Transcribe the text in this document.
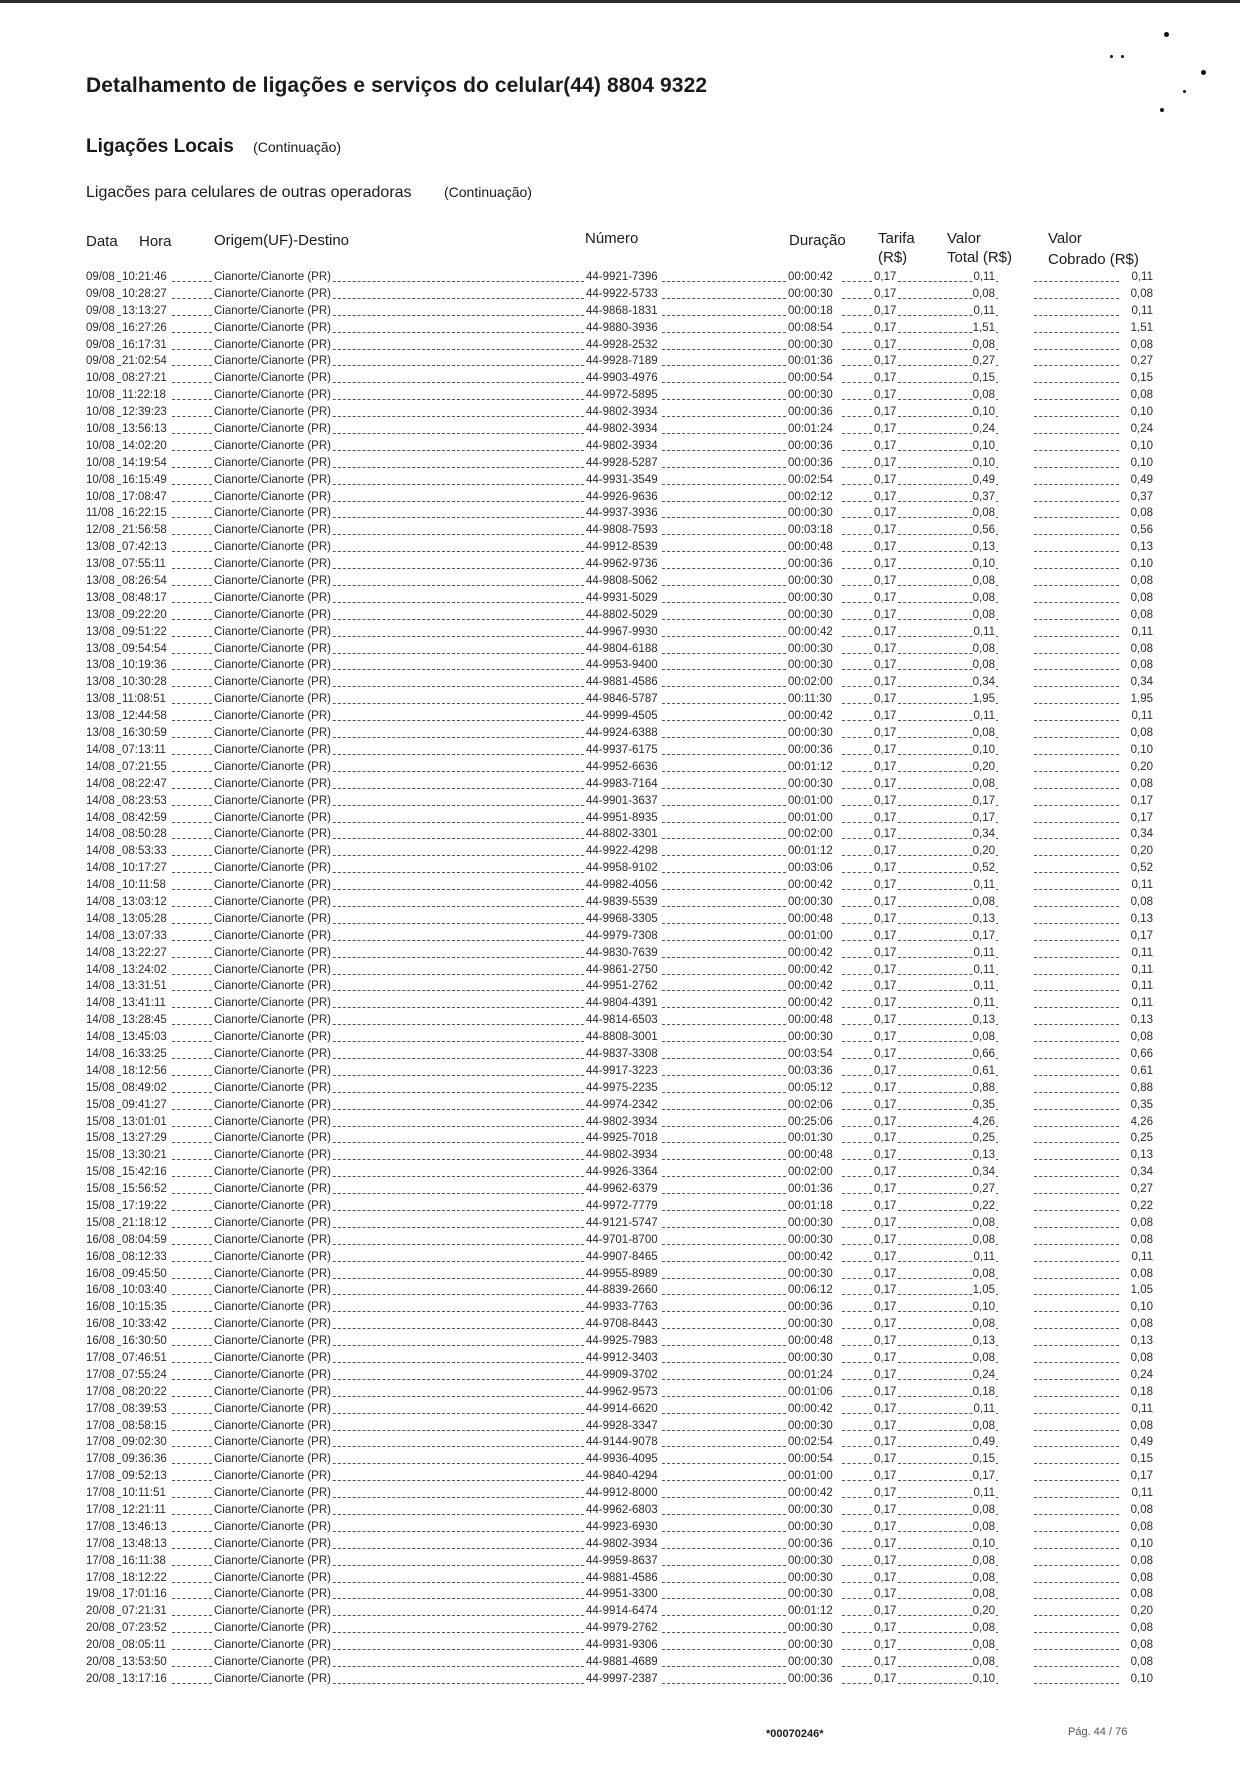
Detalhamento de ligações e serviços do celular(44) 8804 9322
Ligações Locais (Continuação)
Ligacões para celulares de outras operadoras (Continuação)
Data Hora	Origem(UF)-Destino	Número	Duração Tarifa
(R$)
Valor
Total (R$)
Valor
Cobrado (R$)
09/08 10:21:46	Cianorte/Cianorte (PR)	44-9921-7396	00:00:42	0,17	0,11	0,11
09/08 10:28:27	Cianorte/Cianorte (PR)	44-9922-5733	00:00:30	0,17	0,08	0,08
09/08 13:13:27	Cianorte/Cianorte (PR)	44-9868-1831	00:00:18	0,17	0,11	0,11
09/08 16:27:26	Cianorte/Cianorte (PR)	44-9880-3936	00:08:54	0,17	1,51	1,51
09/08 16:17:31	Cianorte/Cianorte (PR)	44-9928-2532	00:00:30	0,17	0,08	0,08
09/08 21:02:54	Cianorte/Cianorte (PR)	44-9928-7189	00:01:36	0,17	0,27	0,27
10/08 08:27:21	Cianorte/Cianorte (PR)	44-9903-4976	00:00:54	0,17	0,15	0,15
10/08 11:22:18	Cianorte/Cianorte (PR)	44-9972-5895	00:00:30	0,17	0,08	0,08
10/08 12:39:23	Cianorte/Cianorte (PR)	44-9802-3934	00:00:36	0,17	0,10	0,10
10/08 13:56:13	Cianorte/Cianorte (PR)	44-9802-3934	00:01:24	0,17	0,24	0,24
10/08 14:02:20	Cianorte/Cianorte (PR)	44-9802-3934	00:00:36	0,17	0,10	0,10
10/08 14:19:54	Cianorte/Cianorte (PR)	44-9928-5287	00:00:36	0,17	0,10	0,10
10/08 16:15:49	Cianorte/Cianorte (PR)	44-9931-3549	00:02:54	0,17	0,49	0,49
10/08 17:08:47	Cianorte/Cianorte (PR)	44-9926-9636	00:02:12	0,17	0,37	0,37
11/08 16:22:15	Cianorte/Cianorte (PR)	44-9937-3936	00:00:30	0,17	0,08	0,08
12/08 21:56:58	Cianorte/Cianorte (PR)	44-9808-7593	00:03:18	0,17	0,56	0,56
13/08 07:42:13	Cianorte/Cianorte (PR)	44-9912-8539	00:00:48	0,17	0,13	0,13
13/08 07:55:11	Cianorte/Cianorte (PR)	44-9962-9736	00:00:36	0,17	0,10	0,10
13/08 08:26:54	Cianorte/Cianorte (PR)	44-9808-5062	00:00:30	0,17	0,08	0,08
13/08 08:48:17	Cianorte/Cianorte (PR)	44-9931-5029	00:00:30	0,17	0,08	0,08
13/08 09:22:20	Cianorte/Cianorte (PR)	44-8802-5029	00:00:30	0,17	0,08	0,08
13/08 09:51:22	Cianorte/Cianorte (PR)	44-9967-9930	00:00:42	0,17	0,11	0,11
13/08 09:54:54	Cianorte/Cianorte (PR)	44-9804-6188	00:00:30	0,17	0,08	0,08
13/08 10:19:36	Cianorte/Cianorte (PR)	44-9953-9400	00:00:30	0,17	0,08	0,08
13/08 10:30:28	Cianorte/Cianorte (PR)	44-9881-4586	00:02:00	0,17	0,34	0,34
13/08 11:08:51	Cianorte/Cianorte (PR)	44-9846-5787	00:11:30	0,17	1,95	1,95
13/08 12:44:58	Cianorte/Cianorte (PR)	44-9999-4505	00:00:42	0,17	0,11	0,11
13/08 16:30:59	Cianorte/Cianorte (PR)	44-9924-6388	00:00:30	0,17	0,08	0,08
14/08 07:13:11	Cianorte/Cianorte (PR)	44-9937-6175	00:00:36	0,17	0,10	0,10
14/08 07:21:55	Cianorte/Cianorte (PR)	44-9952-6636	00:01:12	0,17	0,20	0,20
14/08 08:22:47	Cianorte/Cianorte (PR)	44-9983-7164	00:00:30	0,17	0,08	0,08
14/08 08:23:53	Cianorte/Cianorte (PR)	44-9901-3637	00:01:00	0,17	0,17	0,17
14/08 08:42:59	Cianorte/Cianorte (PR)	44-9951-8935	00:01:00	0,17	0,17	0,17
14/08 08:50:28	Cianorte/Cianorte (PR)	44-8802-3301	00:02:00	0,17	0,34	0,34
14/08 08:53:33	Cianorte/Cianorte (PR)	44-9922-4298	00:01:12	0,17	0,20	0,20
14/08 10:17:27	Cianorte/Cianorte (PR)	44-9958-9102	00:03:06	0,17	0,52	0,52
14/08 10:11:58	Cianorte/Cianorte (PR)	44-9982-4056	00:00:42	0,17	0,11	0,11
14/08 13:03:12	Cianorte/Cianorte (PR)	44-9839-5539	00:00:30	0,17	0,08	0,08
14/08 13:05:28	Cianorte/Cianorte (PR)	44-9968-3305	00:00:48	0,17	0,13	0,13
14/08 13:07:33	Cianorte/Cianorte (PR)	44-9979-7308	00:01:00	0,17	0,17	0,17
14/08 13:22:27	Cianorte/Cianorte (PR)	44-9830-7639	00:00:42	0,17	0,11	0,11
14/08 13:24:02	Cianorte/Cianorte (PR)	44-9861-2750	00:00:42	0,17	0,11	0,11
14/08 13:31:51	Cianorte/Cianorte (PR)	44-9951-2762	00:00:42	0,17	0,11	0,11
14/08 13:41:11	Cianorte/Cianorte (PR)	44-9804-4391	00:00:42	0,17	0,11	0,11
14/08 13:28:45	Cianorte/Cianorte (PR)	44-9814-6503	00:00:48	0,17	0,13	0,13
14/08 13:45:03	Cianorte/Cianorte (PR)	44-8808-3001	00:00:30	0,17	0,08	0,08
14/08 16:33:25	Cianorte/Cianorte (PR)	44-9837-3308	00:03:54	0,17	0,66	0,66
14/08 18:12:56	Cianorte/Cianorte (PR)	44-9917-3223	00:03:36	0,17	0,61	0,61
15/08 08:49:02	Cianorte/Cianorte (PR)	44-9975-2235	00:05:12	0,17	0,88	0,88
15/08 09:41:27	Cianorte/Cianorte (PR)	44-9974-2342	00:02:06	0,17	0,35	0,35
15/08 13:01:01	Cianorte/Cianorte (PR)	44-9802-3934	00:25:06	0,17	4,26	4,26
15/08 13:27:29	Cianorte/Cianorte (PR)	44-9925-7018	00:01:30	0,17	0,25	0,25
15/08 13:30:21	Cianorte/Cianorte (PR)	44-9802-3934	00:00:48	0,17	0,13	0,13
15/08 15:42:16	Cianorte/Cianorte (PR)	44-9926-3364	00:02:00	0,17	0,34	0,34
15/08 15:56:52	Cianorte/Cianorte (PR)	44-9962-6379	00:01:36	0,17	0,27	0,27
15/08 17:19:22	Cianorte/Cianorte (PR)	44-9972-7779	00:01:18	0,17	0,22	0,22
15/08 21:18:12	Cianorte/Cianorte (PR)	44-9121-5747	00:00:30	0,17	0,08	0,08
16/08 08:04:59	Cianorte/Cianorte (PR)	44-9701-8700	00:00:30	0,17	0,08	0,08
16/08 08:12:33	Cianorte/Cianorte (PR)	44-9907-8465	00:00:42	0,17	0,11	0,11
16/08 09:45:50	Cianorte/Cianorte (PR)	44-9955-8989	00:00:30	0,17	0,08	0,08
16/08 10:03:40	Cianorte/Cianorte (PR)	44-8839-2660	00:06:12	0,17	1,05	1,05
16/08 10:15:35	Cianorte/Cianorte (PR)	44-9933-7763	00:00:36	0,17	0,10	0,10
16/08 10:33:42	Cianorte/Cianorte (PR)	44-9708-8443	00:00:30	0,17	0,08	0,08
16/08 16:30:50	Cianorte/Cianorte (PR)	44-9925-7983	00:00:48	0,17	0,13	0,13
17/08 07:46:51	Cianorte/Cianorte (PR)	44-9912-3403	00:00:30	0,17	0,08	0,08
17/08 07:55:24	Cianorte/Cianorte (PR)	44-9909-3702	00:01:24	0,17	0,24	0,24
17/08 08:20:22	Cianorte/Cianorte (PR)	44-9962-9573	00:01:06	0,17	0,18	0,18
17/08 08:39:53	Cianorte/Cianorte (PR)	44-9914-6620	00:00:42	0,17	0,11	0,11
17/08 08:58:15	Cianorte/Cianorte (PR)	44-9928-3347	00:00:30	0,17	0,08	0,08
17/08 09:02:30	Cianorte/Cianorte (PR)	44-9144-9078	00:02:54	0,17	0,49	0,49
17/08 09:36:36	Cianorte/Cianorte (PR)	44-9936-4095	00:00:54	0,17	0,15	0,15
17/08 09:52:13	Cianorte/Cianorte (PR)	44-9840-4294	00:01:00	0,17	0,17	0,17
17/08 10:11:51	Cianorte/Cianorte (PR)	44-9912-8000	00:00:42	0,17	0,11	0,11
17/08 12:21:11	Cianorte/Cianorte (PR)	44-9962-6803	00:00:30	0,17	0,08	0,08
17/08 13:46:13	Cianorte/Cianorte (PR)	44-9923-6930	00:00:30	0,17	0,08	0,08
17/08 13:48:13	Cianorte/Cianorte (PR)	44-9802-3934	00:00:36	0,17	0,10	0,10
17/08 16:11:38	Cianorte/Cianorte (PR)	44-9959-8637	00:00:30	0,17	0,08	0,08
17/08 18:12:22	Cianorte/Cianorte (PR)	44-9881-4586	00:00:30	0,17	0,08	0,08
19/08 17:01:16	Cianorte/Cianorte (PR)	44-9951-3300	00:00:30	0,17	0,08	0,08
20/08 07:21:31	Cianorte/Cianorte (PR)	44-9914-6474	00:01:12	0,17	0,20	0,20
20/08 07:23:52	Cianorte/Cianorte (PR)	44-9979-2762	00:00:30	0,17	0,08	0,08
20/08 08:05:11	Cianorte/Cianorte (PR)	44-9931-9306	00:00:30	0,17	0,08	0,08
20/08 13:53:50	Cianorte/Cianorte (PR)	44-9881-4689	00:00:30	0,17	0,08	0,08
20/08 13:17:16	Cianorte/Cianorte (PR)	44-9997-2387	00:00:36	0,17	0,10	0,10
*00070246*	Pág. 44 / 76
